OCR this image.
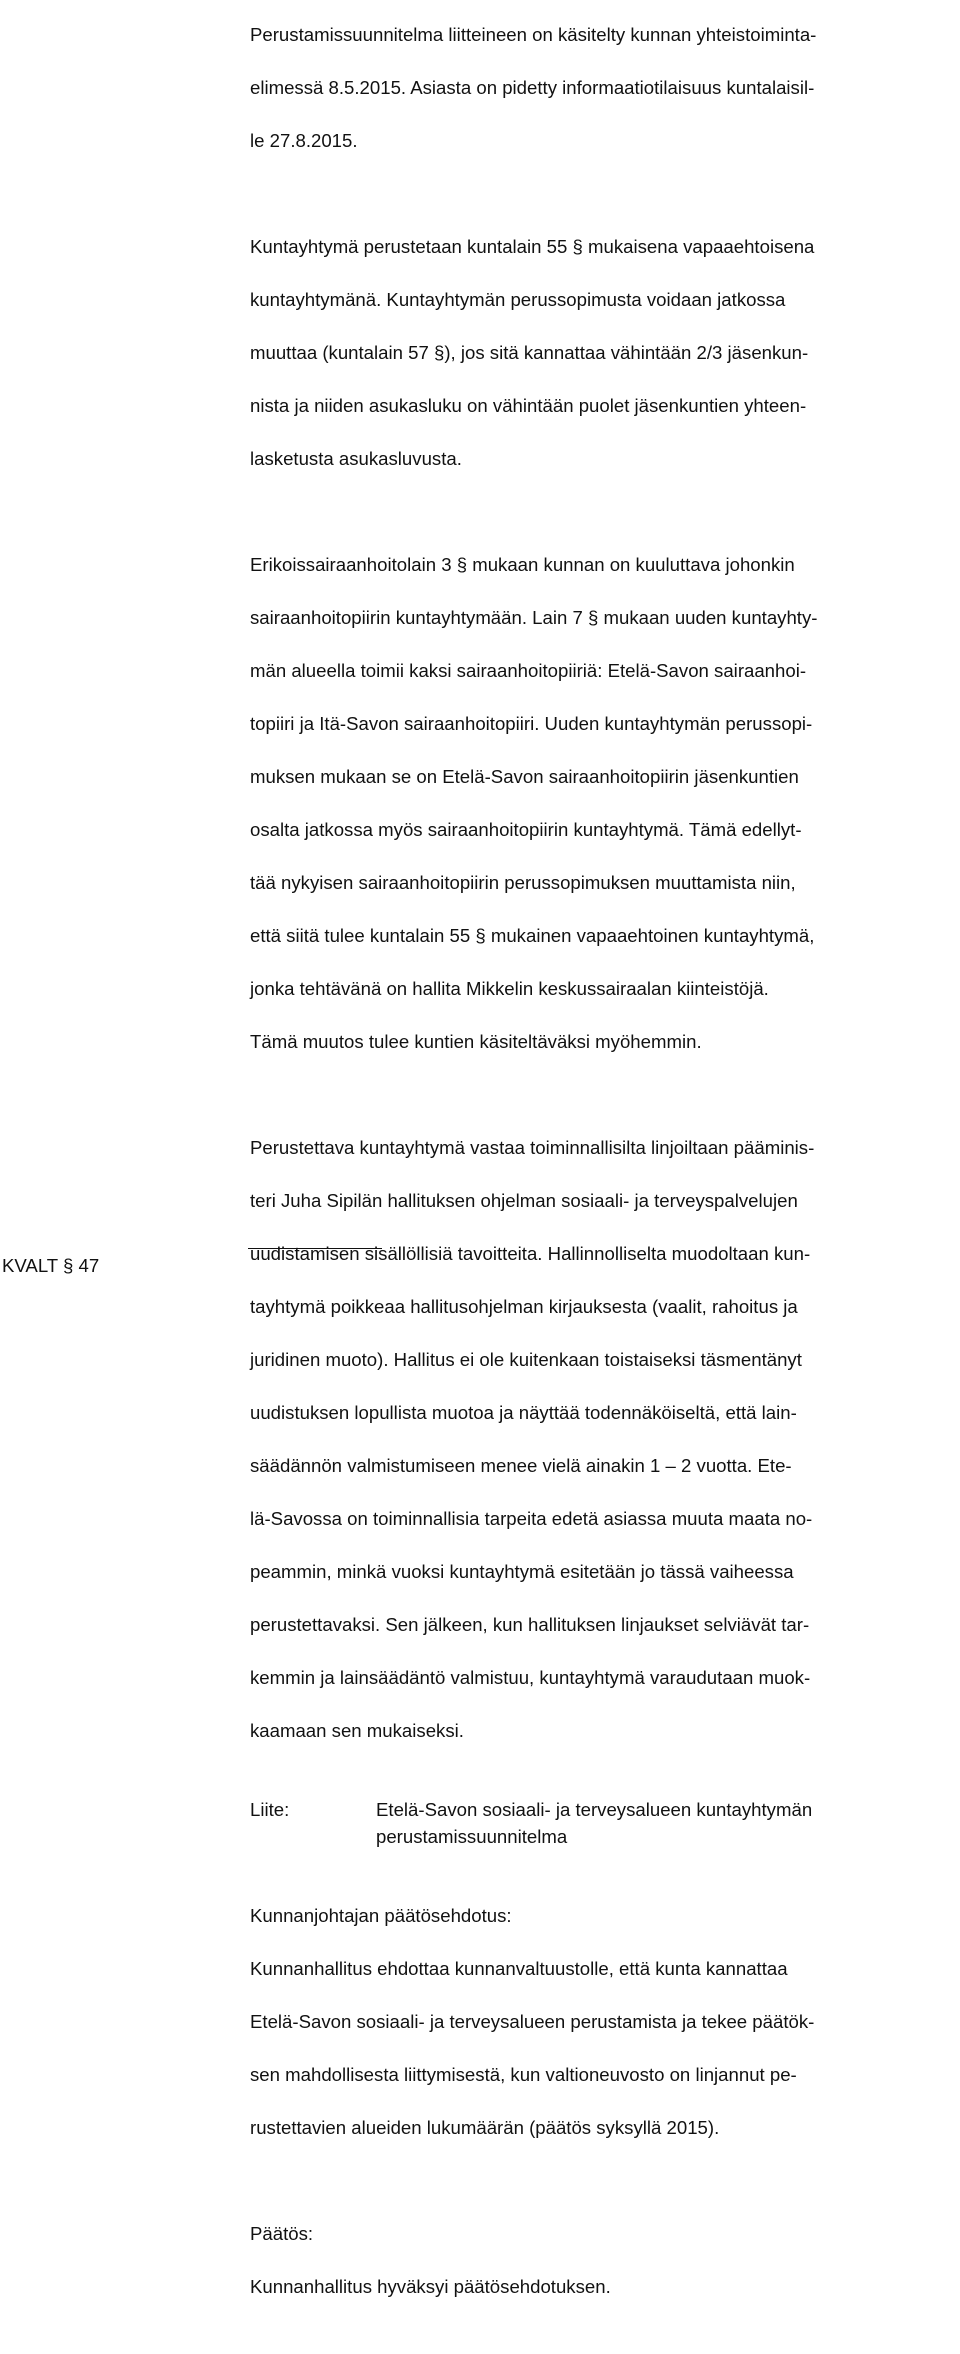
Perustamissuunnitelma liitteineen on käsitelty kunnan yhteistoiminta-

elimessä 8.5.2015. Asiasta on pidetty informaatiotilaisuus kuntalaisil-

le 27.8.2015.

Kuntayhtymä perustetaan kuntalain 55 § mukaisena vapaaehtoisena

kuntayhtymänä. Kuntayhtymän perussopimusta voidaan jatkossa

muuttaa (kuntalain 57 §), jos sitä kannattaa vähintään 2/3 jäsenkun-

nista ja niiden asukasluku on vähintään puolet jäsenkuntien yhteen-

lasketusta asukasluvusta.

Erikoissairaanhoitolain 3 § mukaan kunnan on kuuluttava johonkin

sairaanhoitopiirin kuntayhtymään. Lain 7 § mukaan uuden kuntayhty-

män alueella toimii kaksi sairaanhoitopiiriä: Etelä-Savon sairaanhoi-

topiiri ja Itä-Savon sairaanhoitopiiri. Uuden kuntayhtymän perussopi-

muksen mukaan se on Etelä-Savon sairaanhoitopiirin jäsenkuntien

osalta jatkossa myös sairaanhoitopiirin kuntayhtymä. Tämä edellyt-

tää nykyisen sairaanhoitopiirin perussopimuksen muuttamista niin,

että siitä tulee kuntalain 55 § mukainen vapaaehtoinen kuntayhtymä,

jonka tehtävänä on hallita Mikkelin keskussairaalan kiinteistöjä.

Tämä muutos tulee kuntien käsiteltäväksi myöhemmin.

Perustettava kuntayhtymä vastaa toiminnallisilta linjoiltaan pääminis-

teri Juha Sipilän hallituksen ohjelman sosiaali- ja terveyspalvelujen

uudistamisen sisällöllisiä tavoitteita. Hallinnolliselta muodoltaan kun-

tayhtymä poikkeaa hallitusohjelman kirjauksesta (vaalit, rahoitus ja

juridinen muoto). Hallitus ei ole kuitenkaan toistaiseksi täsmentänyt

uudistuksen lopullista muotoa ja näyttää todennäköiseltä, että lain-

säädännön valmistumiseen menee vielä ainakin 1 – 2 vuotta. Ete-

lä-Savossa on toiminnallisia tarpeita edetä asiassa muuta maata no-

peammin, minkä vuoksi kuntayhtymä esitetään jo tässä vaiheessa

perustettavaksi. Sen jälkeen, kun hallituksen linjaukset selviävät tar-

kemmin ja lainsäädäntö valmistuu, kuntayhtymä varaudutaan muok-

kaamaan sen mukaiseksi.

Liite:	Etelä-Savon sosiaali- ja terveysalueen kuntayhtymän
perustamissuunnitelma

Kunnanjohtajan päätösehdotus:

Kunnanhallitus ehdottaa kunnanvaltuustolle, että kunta kannattaa

Etelä-Savon sosiaali- ja terveysalueen perustamista ja tekee päätök-

sen mahdollisesta liittymisestä, kun valtioneuvosto on linjannut pe-

rustettavien alueiden lukumäärän (päätös syksyllä 2015).

Päätös:

Kunnanhallitus hyväksyi päätösehdotuksen.

KVALT § 47
